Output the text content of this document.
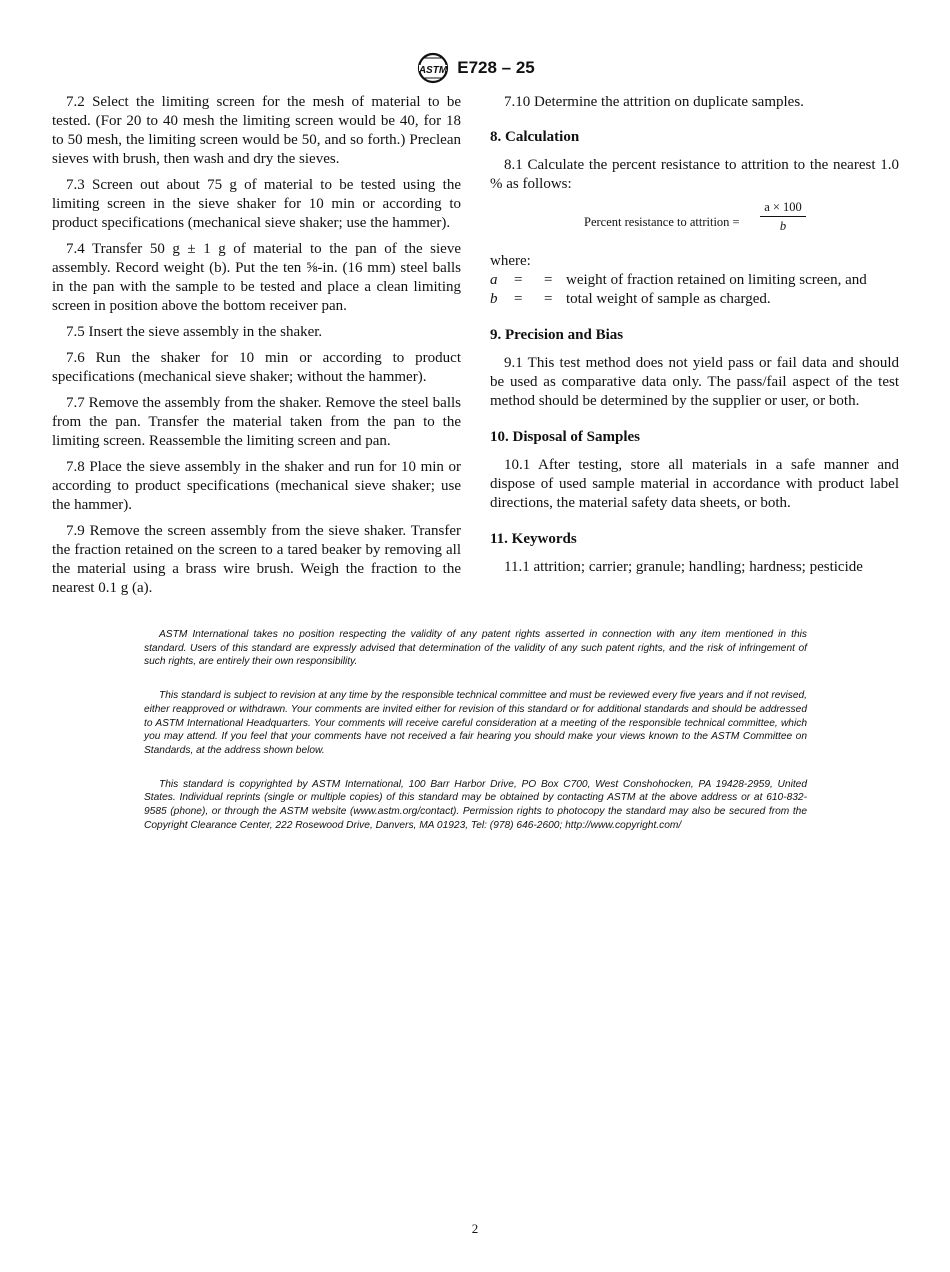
ASTM E728 – 25

7.2 Select the limiting screen for the mesh of material to be tested. (For 20 to 40 mesh the limiting screen would be 40, for 18 to 50 mesh, the limiting screen would be 50, and so forth.) Preclean sieves with brush, then wash and dry the sieves.

7.3 Screen out about 75 g of material to be tested using the limiting screen in the sieve shaker for 10 min or according to product specifications (mechanical sieve shaker; use the hammer).

7.4 Transfer 50 g ± 1 g of material to the pan of the sieve assembly. Record weight (b). Put the ten ⅝-in. (16 mm) steel balls in the pan with the sample to be tested and place a clean limiting screen in position above the bottom receiver pan.

7.5 Insert the sieve assembly in the shaker.

7.6 Run the shaker for 10 min or according to product specifications (mechanical sieve shaker; without the hammer).

7.7 Remove the assembly from the shaker. Remove the steel balls from the pan. Transfer the material taken from the pan to the limiting screen. Reassemble the limiting screen and pan.

7.8 Place the sieve assembly in the shaker and run for 10 min or according to product specifications (mechanical sieve shaker; use the hammer).

7.9 Remove the screen assembly from the sieve shaker. Transfer the fraction retained on the screen to a tared beaker by removing all the material using a brass wire brush. Weigh the fraction to the nearest 0.1 g (a).

7.10 Determine the attrition on duplicate samples.

8. Calculation

8.1 Calculate the percent resistance to attrition to the nearest 1.0 % as follows:

Percent resistance to attrition = $\frac{a \times 100}{b}$
where:
a	=	= weight of fraction retained on limiting screen, and
b	=	= total weight of sample as charged.
9. Precision and Bias

9.1 This test method does not yield pass or fail data and should be used as comparative data only. The pass/fail aspect of the test method should be determined by the supplier or user, or both.

10. Disposal of Samples

10.1 After testing, store all materials in a safe manner and dispose of used sample material in accordance with product label directions, the material safety data sheets, or both.

11. Keywords

11.1 attrition; carrier; granule; handling; hardness; pesticide

ASTM International takes no position respecting the validity of any patent rights asserted in connection with any item mentioned in this standard. Users of this standard are expressly advised that determination of the validity of any such patent rights, and the risk of infringement of such rights, are entirely their own responsibility.

This standard is subject to revision at any time by the responsible technical committee and must be reviewed every five years and if not revised, either reapproved or withdrawn. Your comments are invited either for revision of this standard or for additional standards and should be addressed to ASTM International Headquarters. Your comments will receive careful consideration at a meeting of the responsible technical committee, which you may attend. If you feel that your comments have not received a fair hearing you should make your views known to the ASTM Committee on Standards, at the address shown below.

This standard is copyrighted by ASTM International, 100 Barr Harbor Drive, PO Box C700, West Conshohocken, PA 19428-2959, United States. Individual reprints (single or multiple copies) of this standard may be obtained by contacting ASTM at the above address or at 610-832-9585 (phone), or through the ASTM website (www.astm.org/contact). Permission rights to photocopy the standard may also be secured from the Copyright Clearance Center, 222 Rosewood Drive, Danvers, MA 01923, Tel: (978) 646-2600; http://www.copyright.com/

2
